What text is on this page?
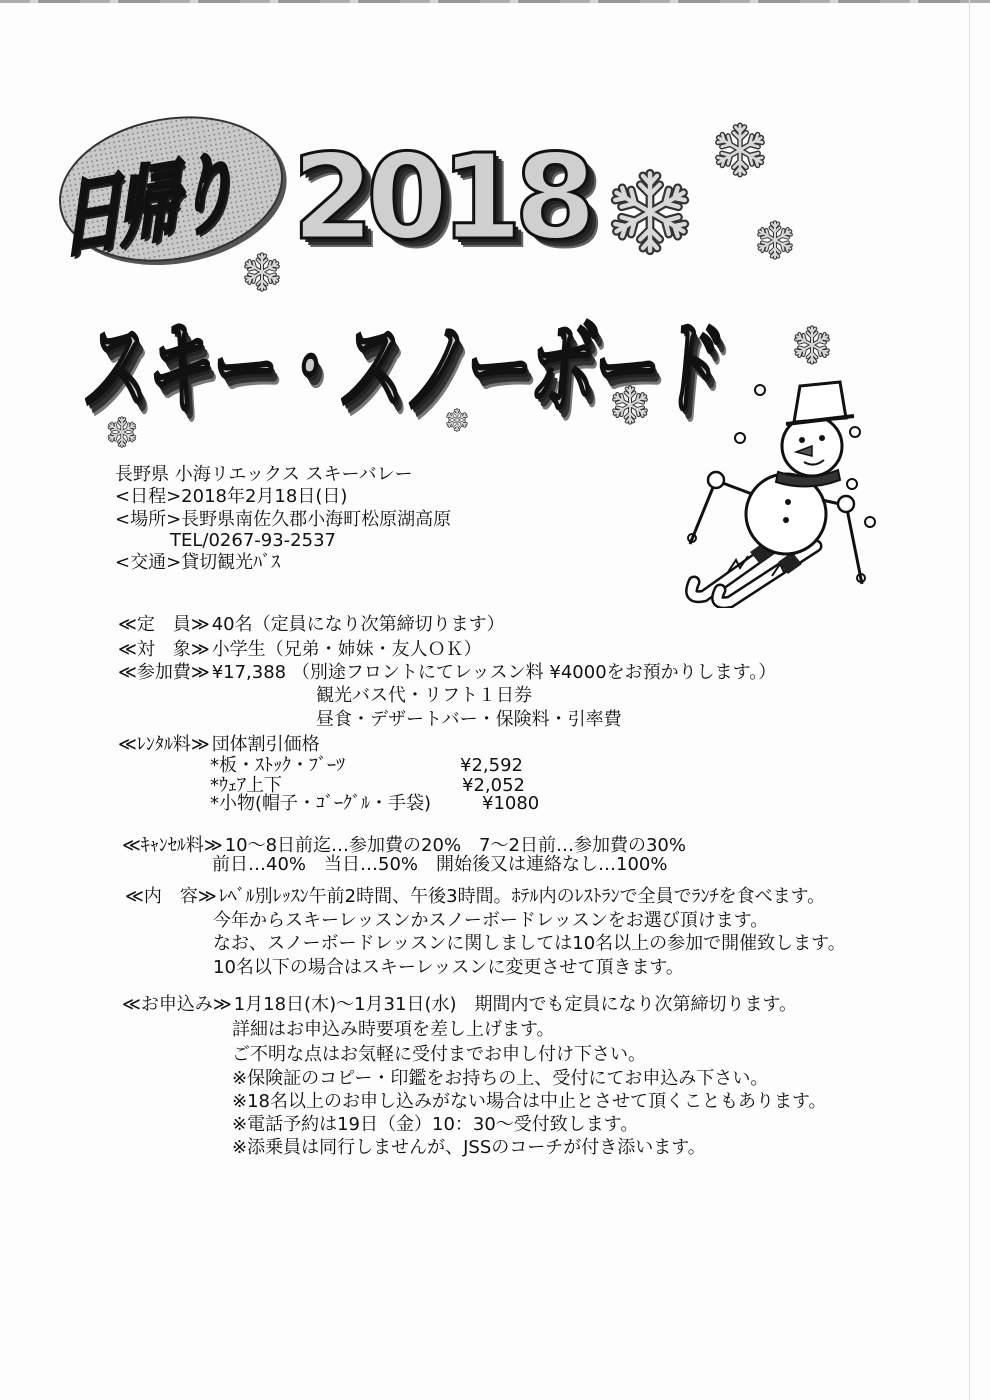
日帰り 2018
スキー・スノーボード
長野県 小海リエックス スキーバレー
<日程>2018年2月18日(日)
<場所>長野県南佐久郡小海町松原湖高原
TEL/0267-93-2537
<交通>貸切観光ﾊﾞｽ
≪定　員≫ 40名（定員になり次第締切ります）
≪対　象≫ 小学生（兄弟・姉妹・友人ＯＫ）
≪参加費≫ ¥17,388 （別途フロントにてレッスン料 ¥4000をお預かりします。）
観光バス代・リフト１日券
昼食・デザートバー・保険料・引率費
≪ﾚﾝﾀﾙ料≫ 団体割引価格
*板・ｽﾄｯｸ・ﾌﾞｰﾂ	¥2,592
*ｳｪｱ上下	¥2,052
*小物(帽子・ｺﾞｰｸﾞﾙ・手袋)	¥1080
≪ｷｬﾝｾﾙ料≫ 10〜8日前迄…参加費の20%　7〜2日前…参加費の30%
前日…40%　当日…50%　開始後又は連絡なし…100%
≪内　容≫ ﾚﾍﾞﾙ別ﾚｯｽﾝ午前2時間、午後3時間。ﾎﾃﾙ内のﾚｽﾄﾗﾝで全員でﾗﾝﾁを食べます。
今年からスキーレッスンかスノーボードレッスンをお選び頂けます。
なお、スノーボードレッスンに関しましては10名以上の参加で開催致します。
10名以下の場合はスキーレッスンに変更させて頂きます。
≪お申込み≫ 1月18日(木)〜1月31日(水)　期間内でも定員になり次第締切ります。
詳細はお申込み時要項を差し上げます。
ご不明な点はお気軽に受付までお申し付け下さい。
※保険証のコピー・印鑑をお持ちの上、受付にてお申込み下さい。
※18名以上のお申し込みがない場合は中止とさせて頂くこともあります。
※電話予約は19日（金）10：30〜受付致します。
※添乗員は同行しませんが、JSSのコーチが付き添います。
